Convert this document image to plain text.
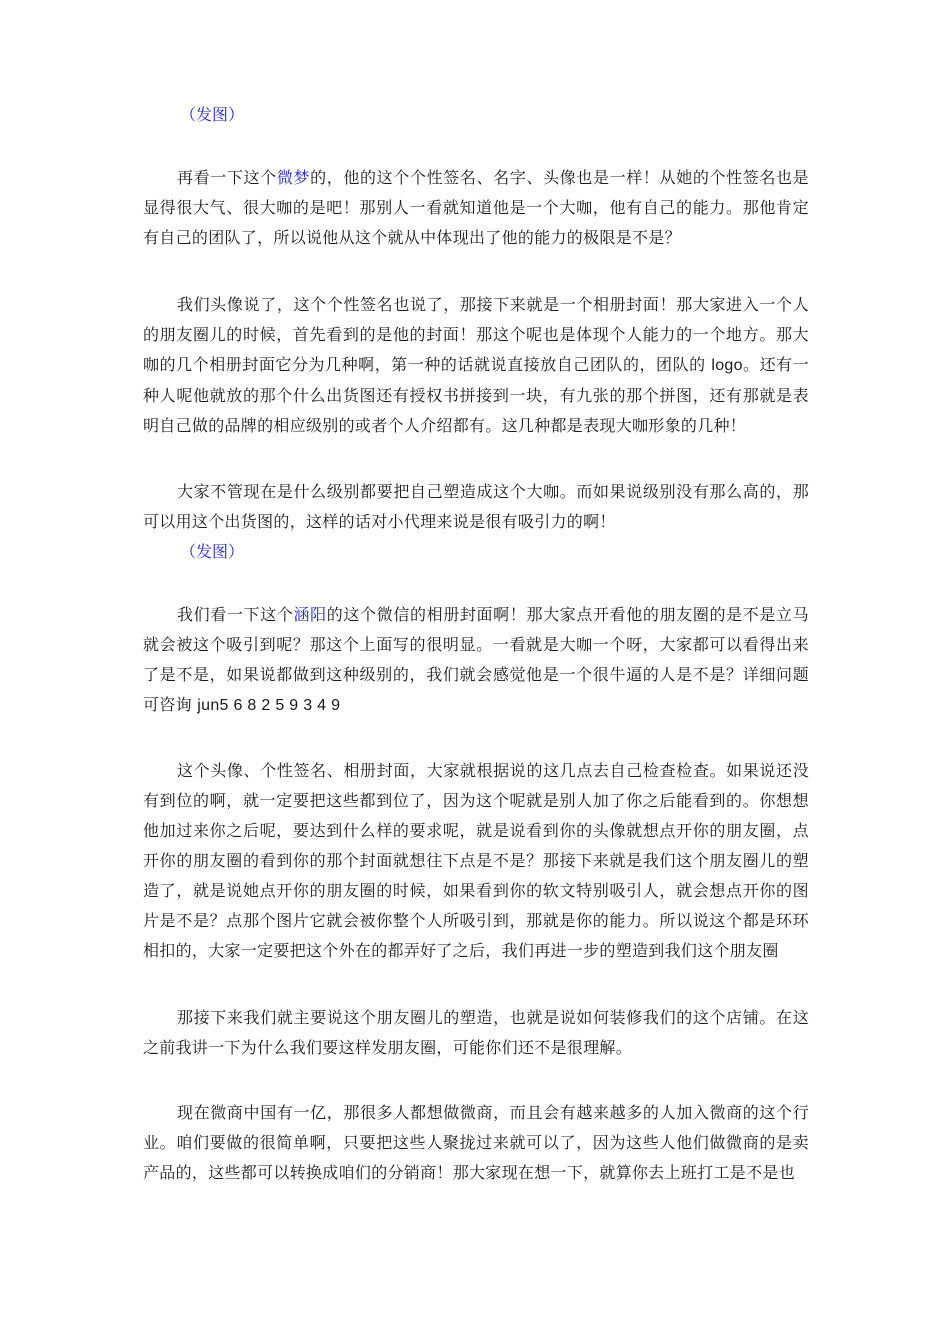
（发图）

再看一下这个微梦的，他的这个个性签名、名字、头像也是一样！从她的个性签名也是显得很大气、很大咖的是吧！那别人一看就知道他是一个大咖，他有自己的能力。那他肯定有自己的团队了，所以说他从这个就从中体现出了他的能力的极限是不是？

我们头像说了，这个个性签名也说了，那接下来就是一个相册封面！那大家进入一个人的朋友圈儿的时候，首先看到的是他的封面！那这个呢也是体现个人能力的一个地方。那大咖的几个相册封面它分为几种啊，第一种的话就说直接放自己团队的，团队的 logo。还有一种人呢他就放的那个什么出货图还有授权书拼接到一块，有九张的那个拼图，还有那就是表明自己做的品牌的相应级别的或者个人介绍都有。这几种都是表现大咖形象的几种！

大家不管现在是什么级别都要把自己塑造成这个大咖。而如果说级别没有那么高的，那可以用这个出货图的，这样的话对小代理来说是很有吸引力的啊！

（发图）

我们看一下这个涵阳的这个微信的相册封面啊！那大家点开看他的朋友圈的是不是立马就会被这个吸引到呢？那这个上面写的很明显。一看就是大咖一个呀，大家都可以看得出来了是不是，如果说都做到这种级别的，我们就会感觉他是一个很牛逼的人是不是？详细问题可咨询 jun5 6 8 2 5 9 3 4 9

这个头像、个性签名、相册封面，大家就根据说的这几点去自己检查检查。如果说还没有到位的啊，就一定要把这些都到位了，因为这个呢就是别人加了你之后能看到的。你想想他加过来你之后呢，要达到什么样的要求呢，就是说看到你的头像就想点开你的朋友圈，点开你的朋友圈的看到你的那个封面就想往下点是不是？那接下来就是我们这个朋友圈儿的塑造了，就是说她点开你的朋友圈的时候，如果看到你的软文特别吸引人，就会想点开你的图片是不是？点那个图片它就会被你整个人所吸引到，那就是你的能力。所以说这个都是环环相扣的，大家一定要把这个外在的都弄好了之后，我们再进一步的塑造到我们这个朋友圈

那接下来我们就主要说这个朋友圈儿的塑造，也就是说如何装修我们的这个店铺。在这之前我讲一下为什么我们要这样发朋友圈，可能你们还不是很理解。

现在微商中国有一亿，那很多人都想做微商，而且会有越来越多的人加入微商的这个行业。咱们要做的很简单啊，只要把这些人聚拢过来就可以了，因为这些人他们做微商的是卖产品的，这些都可以转换成咱们的分销商！那大家现在想一下，就算你去上班打工是不是也
